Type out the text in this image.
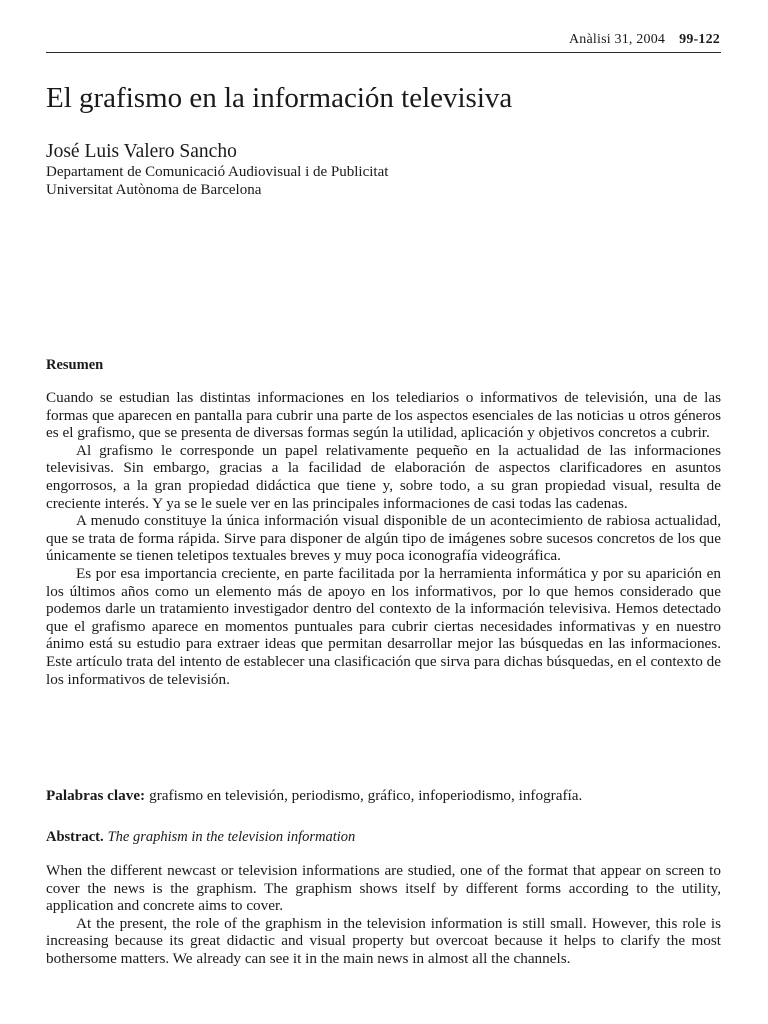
Anàlisi 31, 2004 99-122
El grafismo en la información televisiva
José Luis Valero Sancho
Departament de Comunicació Audiovisual i de Publicitat
Universitat Autònoma de Barcelona
Resumen

Cuando se estudian las distintas informaciones en los telediarios o informativos de televisión, una de las formas que aparecen en pantalla para cubrir una parte de los aspectos esenciales de las noticias u otros géneros es el grafismo, que se presenta de diversas formas según la utilidad, aplicación y objetivos concretos a cubrir.

Al grafismo le corresponde un papel relativamente pequeño en la actualidad de las informaciones televisivas. Sin embargo, gracias a la facilidad de elaboración de aspectos clarificadores en asuntos engorrosos, a la gran propiedad didáctica que tiene y, sobre todo, a su gran propiedad visual, resulta de creciente interés. Y ya se le suele ver en las principales informaciones de casi todas las cadenas.

A menudo constituye la única información visual disponible de un acontecimiento de rabiosa actualidad, que se trata de forma rápida. Sirve para disponer de algún tipo de imágenes sobre sucesos concretos de los que únicamente se tienen teletipos textuales breves y muy poca iconografía videográfica.

Es por esa importancia creciente, en parte facilitada por la herramienta informática y por su aparición en los últimos años como un elemento más de apoyo en los informativos, por lo que hemos considerado que podemos darle un tratamiento investigador dentro del contexto de la información televisiva. Hemos detectado que el grafismo aparece en momentos puntuales para cubrir ciertas necesidades informativas y en nuestro ánimo está su estudio para extraer ideas que permitan desarrollar mejor las búsquedas en las informaciones. Este artículo trata del intento de establecer una clasificación que sirva para dichas búsquedas, en el contexto de los informativos de televisión.

Palabras clave: grafismo en televisión, periodismo, gráfico, infoperiodismo, infografía.
Abstract. The graphism in the television information

When the different newcast or television informations are studied, one of the format that appear on screen to cover the news is the graphism. The graphism shows itself by different forms according to the utility, application and concrete aims to cover.

At the present, the role of the graphism in the television information is still small. However, this role is increasing because its great didactic and visual property but overcoat because it helps to clarify the most bothersome matters. We already can see it in the main news in almost all the channels.
